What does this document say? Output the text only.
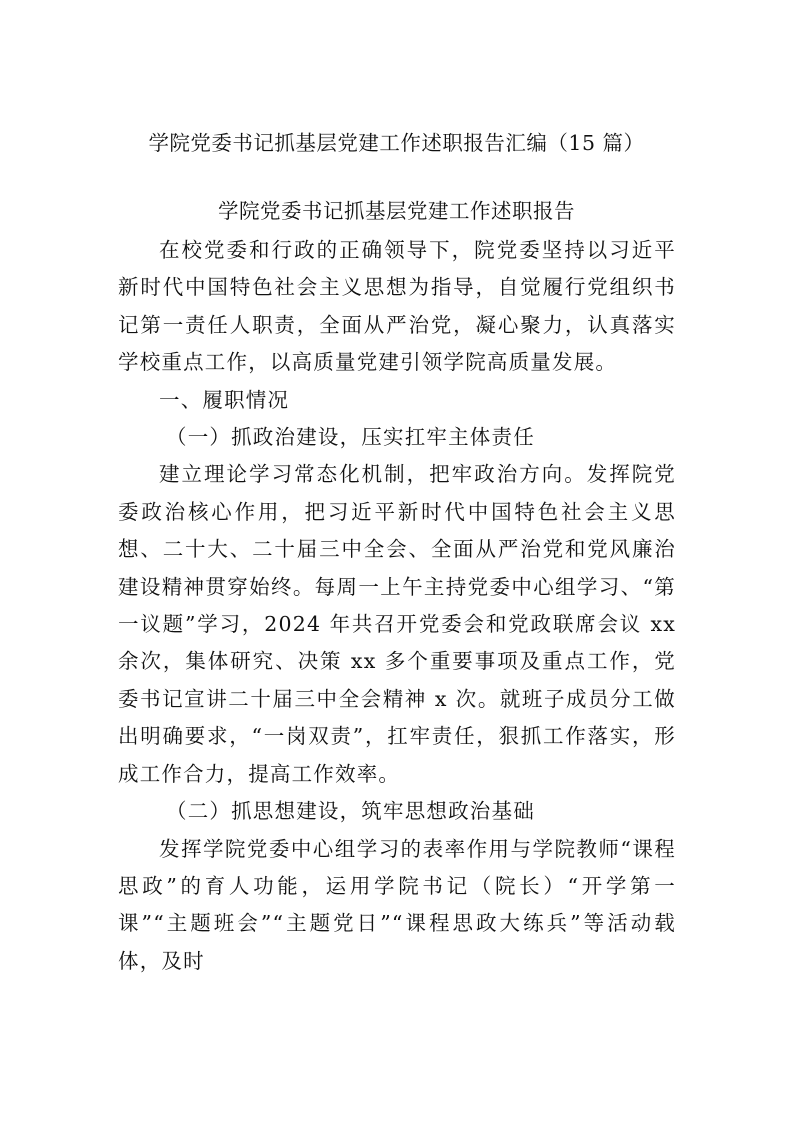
学院党委书记抓基层党建工作述职报告汇编（15 篇）
学院党委书记抓基层党建工作述职报告

在校党委和行政的正确领导下，院党委坚持以习近平新时代中国特色社会主义思想为指导，自觉履行党组织书记第一责任人职责，全面从严治党，凝心聚力，认真落实学校重点工作，以高质量党建引领学院高质量发展。

一、履职情况

（一）抓政治建设，压实扛牢主体责任

建立理论学习常态化机制，把牢政治方向。发挥院党委政治核心作用，把习近平新时代中国特色社会主义思想、二十大、二十届三中全会、全面从严治党和党风廉治建设精神贯穿始终。每周一上午主持党委中心组学习、“第一议题”学习，2024 年共召开党委会和党政联席会议 xx 余次，集体研究、决策 xx 多个重要事项及重点工作，党委书记宣讲二十届三中全会精神 x 次。就班子成员分工做出明确要求，“一岗双责”，扛牢责任，狠抓工作落实，形成工作合力，提高工作效率。

（二）抓思想建设，筑牢思想政治基础

发挥学院党委中心组学习的表率作用与学院教师“课程思政”的育人功能，运用学院书记（院长）“开学第一课”“主题班会”“主题党日”“课程思政大练兵”等活动载体，及时
